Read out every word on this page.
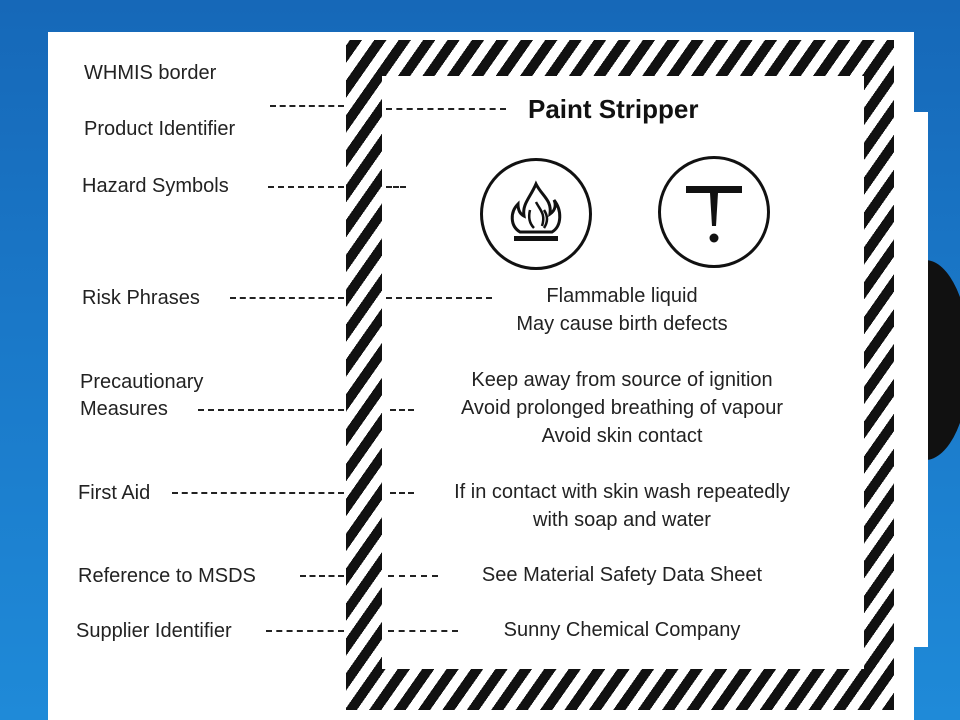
WHMIS border
Product Identifier
Hazard Symbols
Risk Phrases
Precautionary
Measures
First Aid
Reference to MSDS
Supplier Identifier
Paint Stripper
Flammable liquid
May cause birth defects
Keep away from source of ignition
Avoid prolonged breathing of vapour
Avoid skin contact
If in contact with skin wash repeatedly
with soap and water
See Material Safety Data Sheet
Sunny Chemical Company
